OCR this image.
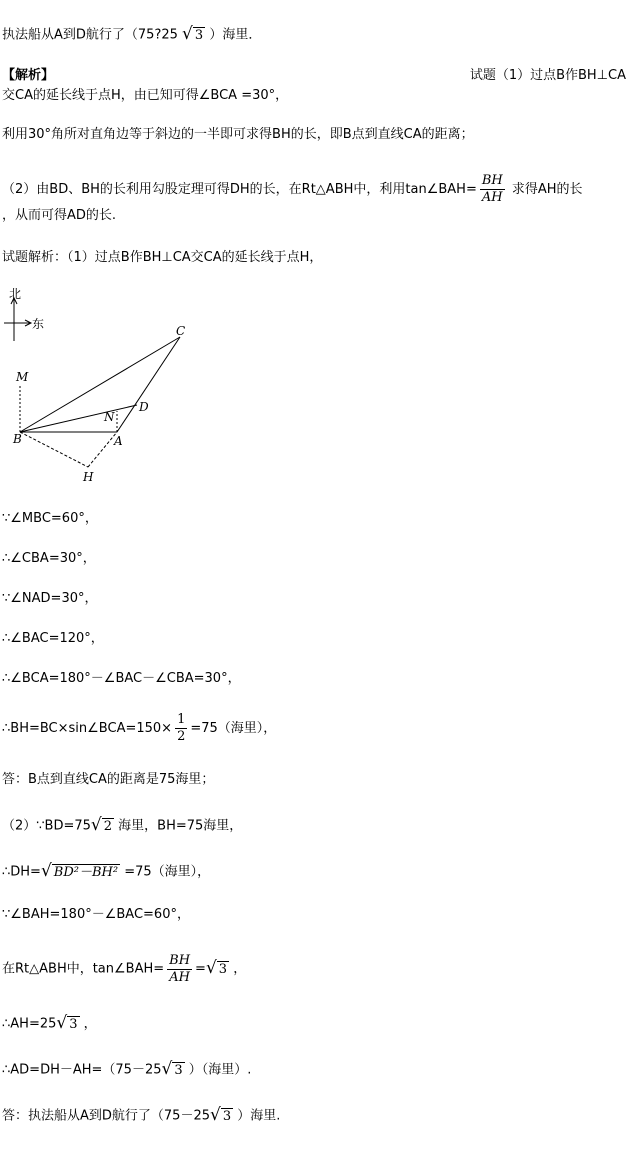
执法船从A到D航行了（75?25 √ 3 ）海里．
【解析】	试题（1）过点B作BH⊥CA
交CA的延长线于点H，由已知可得∠BCA =30°，
利用30°角所对直角边等于斜边的一半即可求得BH的长，即B点到直线CA的距离；
（2）由BD、BH的长利用勾股定理可得DH的长，在Rt△ABH中，利用tan∠BAH= $\frac{BH}{AH}$ 求得AH的长
，从而可得AD的长.
试题解析：（1）过点B作BH⊥CA交CA的延长线于点H，
北
东	C
M
D
N
B	A
H
∵∠MBC=60°，
∴∠CBA=30°，
∵∠NAD=30°，
∴∠BAC=120°，
∴∠BCA=180°－∠BAC－∠CBA=30°，
∴BH=BC×sin∠BCA=150× $\frac{1}{2} =75$（海里），
答：B点到直线CA的距离是75海里；
（2）∵BD=75√ 2 海里，BH=75海里，
∴DH=√ BD²－BH² =75（海里），
∵∠BAH=180°－∠BAC=60°，
在Rt△ABH中，tan∠BAH= $\frac{BH}{AH}$ =√ 3 ，
∴AH=25√ 3 ，
∴AD=DH－AH=（75－25√ 3 ）（海里）.
答：执法船从A到D航行了（75－25√ 3 ）海里.
